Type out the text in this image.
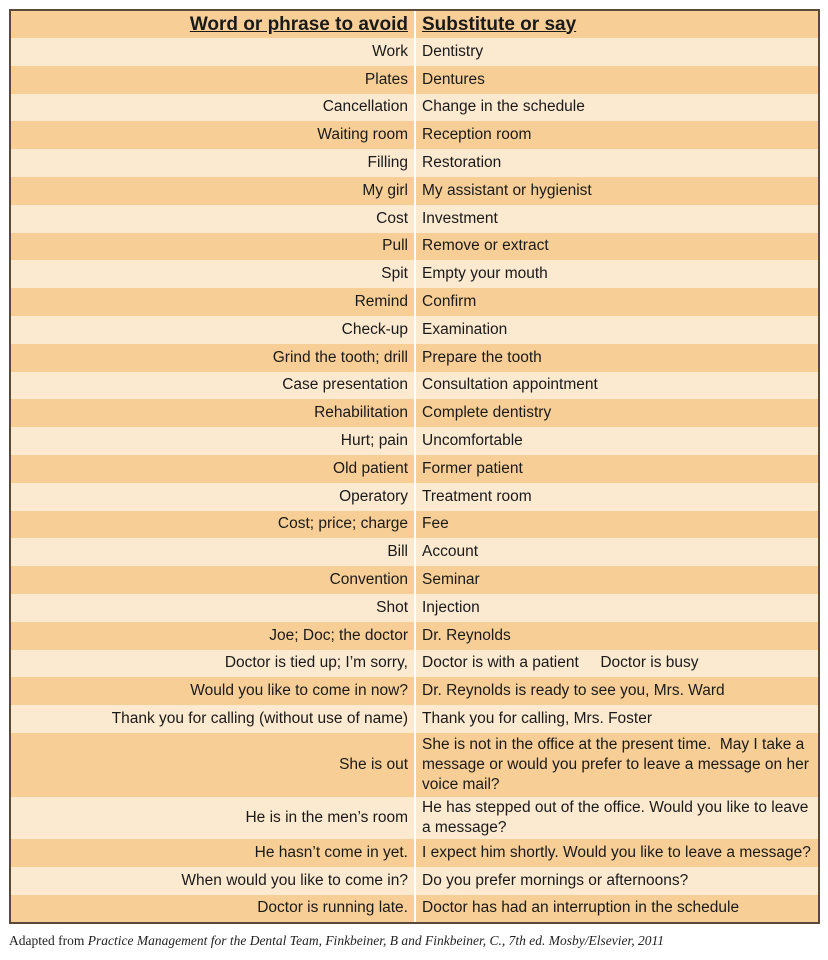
Word or phrase to avoid	Substitute or say
Work	Dentistry
Plates	Dentures
Cancellation	Change in the schedule
Waiting room	Reception room
Filling	Restoration
My girl	My assistant or hygienist
Cost	Investment
Pull	Remove or extract
Spit	Empty your mouth
Remind	Confirm
Check-up	Examination
Grind the tooth; drill	Prepare the tooth
Case presentation	Consultation appointment
Rehabilitation	Complete dentistry
Hurt; pain	Uncomfortable
Old patient	Former patient
Operatory	Treatment room
Cost; price; charge	Fee
Bill	Account
Convention	Seminar
Shot	Injection
Joe; Doc; the doctor	Dr. Reynolds
Doctor is tied up; I’m sorry,	Doctor is with a patient     Doctor is busy
Would you like to come in now?	Dr. Reynolds is ready to see you, Mrs. Ward
Thank you for calling (without use of name)	Thank you for calling, Mrs. Foster
She is out	She is not in the office at the present time.  May I take a message or would you prefer to leave a message on her voice mail?
He is in the men’s room	He has stepped out of the office. Would you like to leave a message?
He hasn’t come in yet.	I expect him shortly. Would you like to leave a message?
When would you like to come in?	Do you prefer mornings or afternoons?
Doctor is running late.	Doctor has had an interruption in the schedule
Adapted from Practice Management for the Dental Team, Finkbeiner, B and Finkbeiner, C., 7th ed. Mosby/Elsevier, 2011
